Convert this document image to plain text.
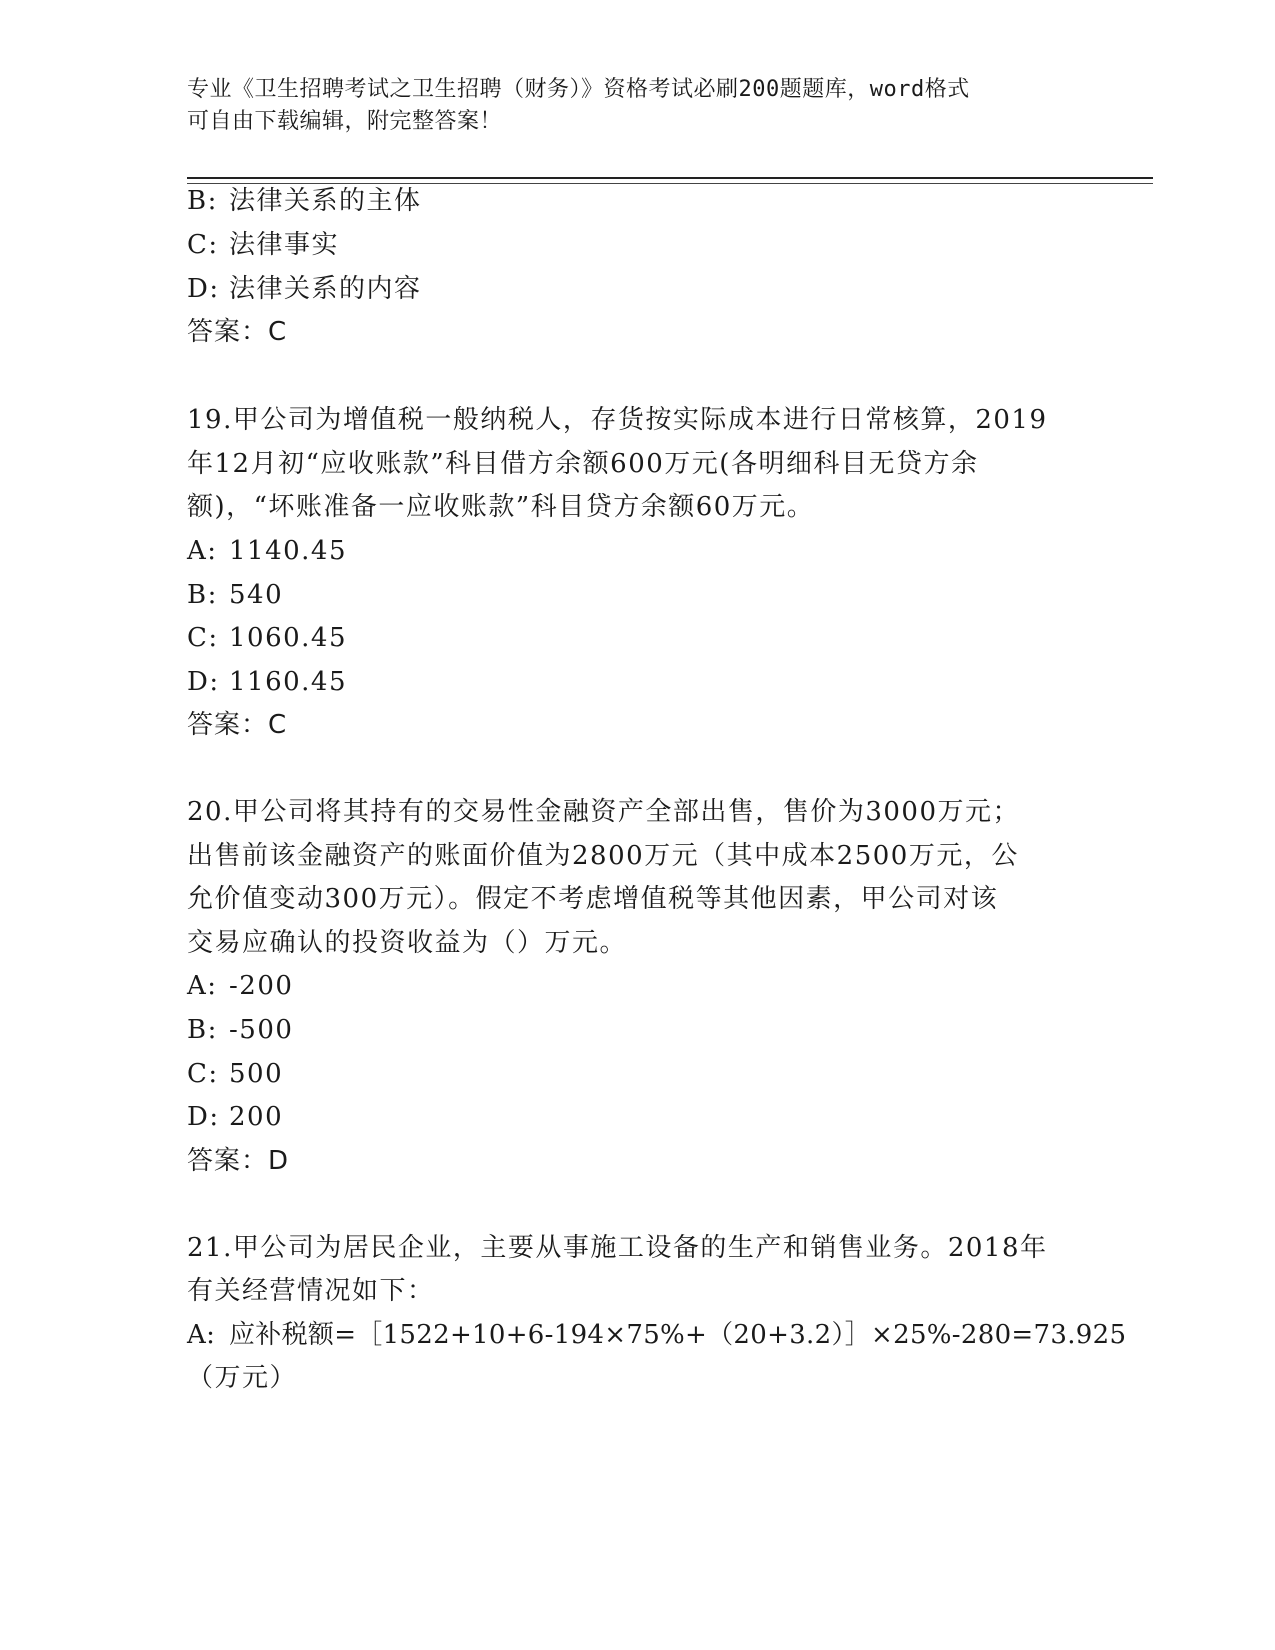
专业《卫生招聘考试之卫生招聘（财务）》资格考试必刷200题题库，word格式
可自由下载编辑，附完整答案！
B: 法律关系的主体
C: 法律事实
D: 法律关系的内容
答案：C
19.甲公司为增值税一般纳税人，存货按实际成本进行日常核算，2019
年12月初“应收账款”科目借方余额600万元(各明细科目无贷方余
额)，“坏账准备一应收账款”科目贷方余额60万元。
A: 1140.45
B: 540
C: 1060.45
D: 1160.45
答案：C
20.甲公司将其持有的交易性金融资产全部出售，售价为3000万元；
出售前该金融资产的账面价值为2800万元（其中成本2500万元，公
允价值变动300万元）。假定不考虑增值税等其他因素，甲公司对该
交易应确认的投资收益为（）万元。
A: -200
B: -500
C: 500
D: 200
答案：D
21.甲公司为居民企业，主要从事施工设备的生产和销售业务。2018年
有关经营情况如下：
A: 应补税额=［1522+10+6-194×75%+（20+3.2）］×25%-280=73.925
（万元）
